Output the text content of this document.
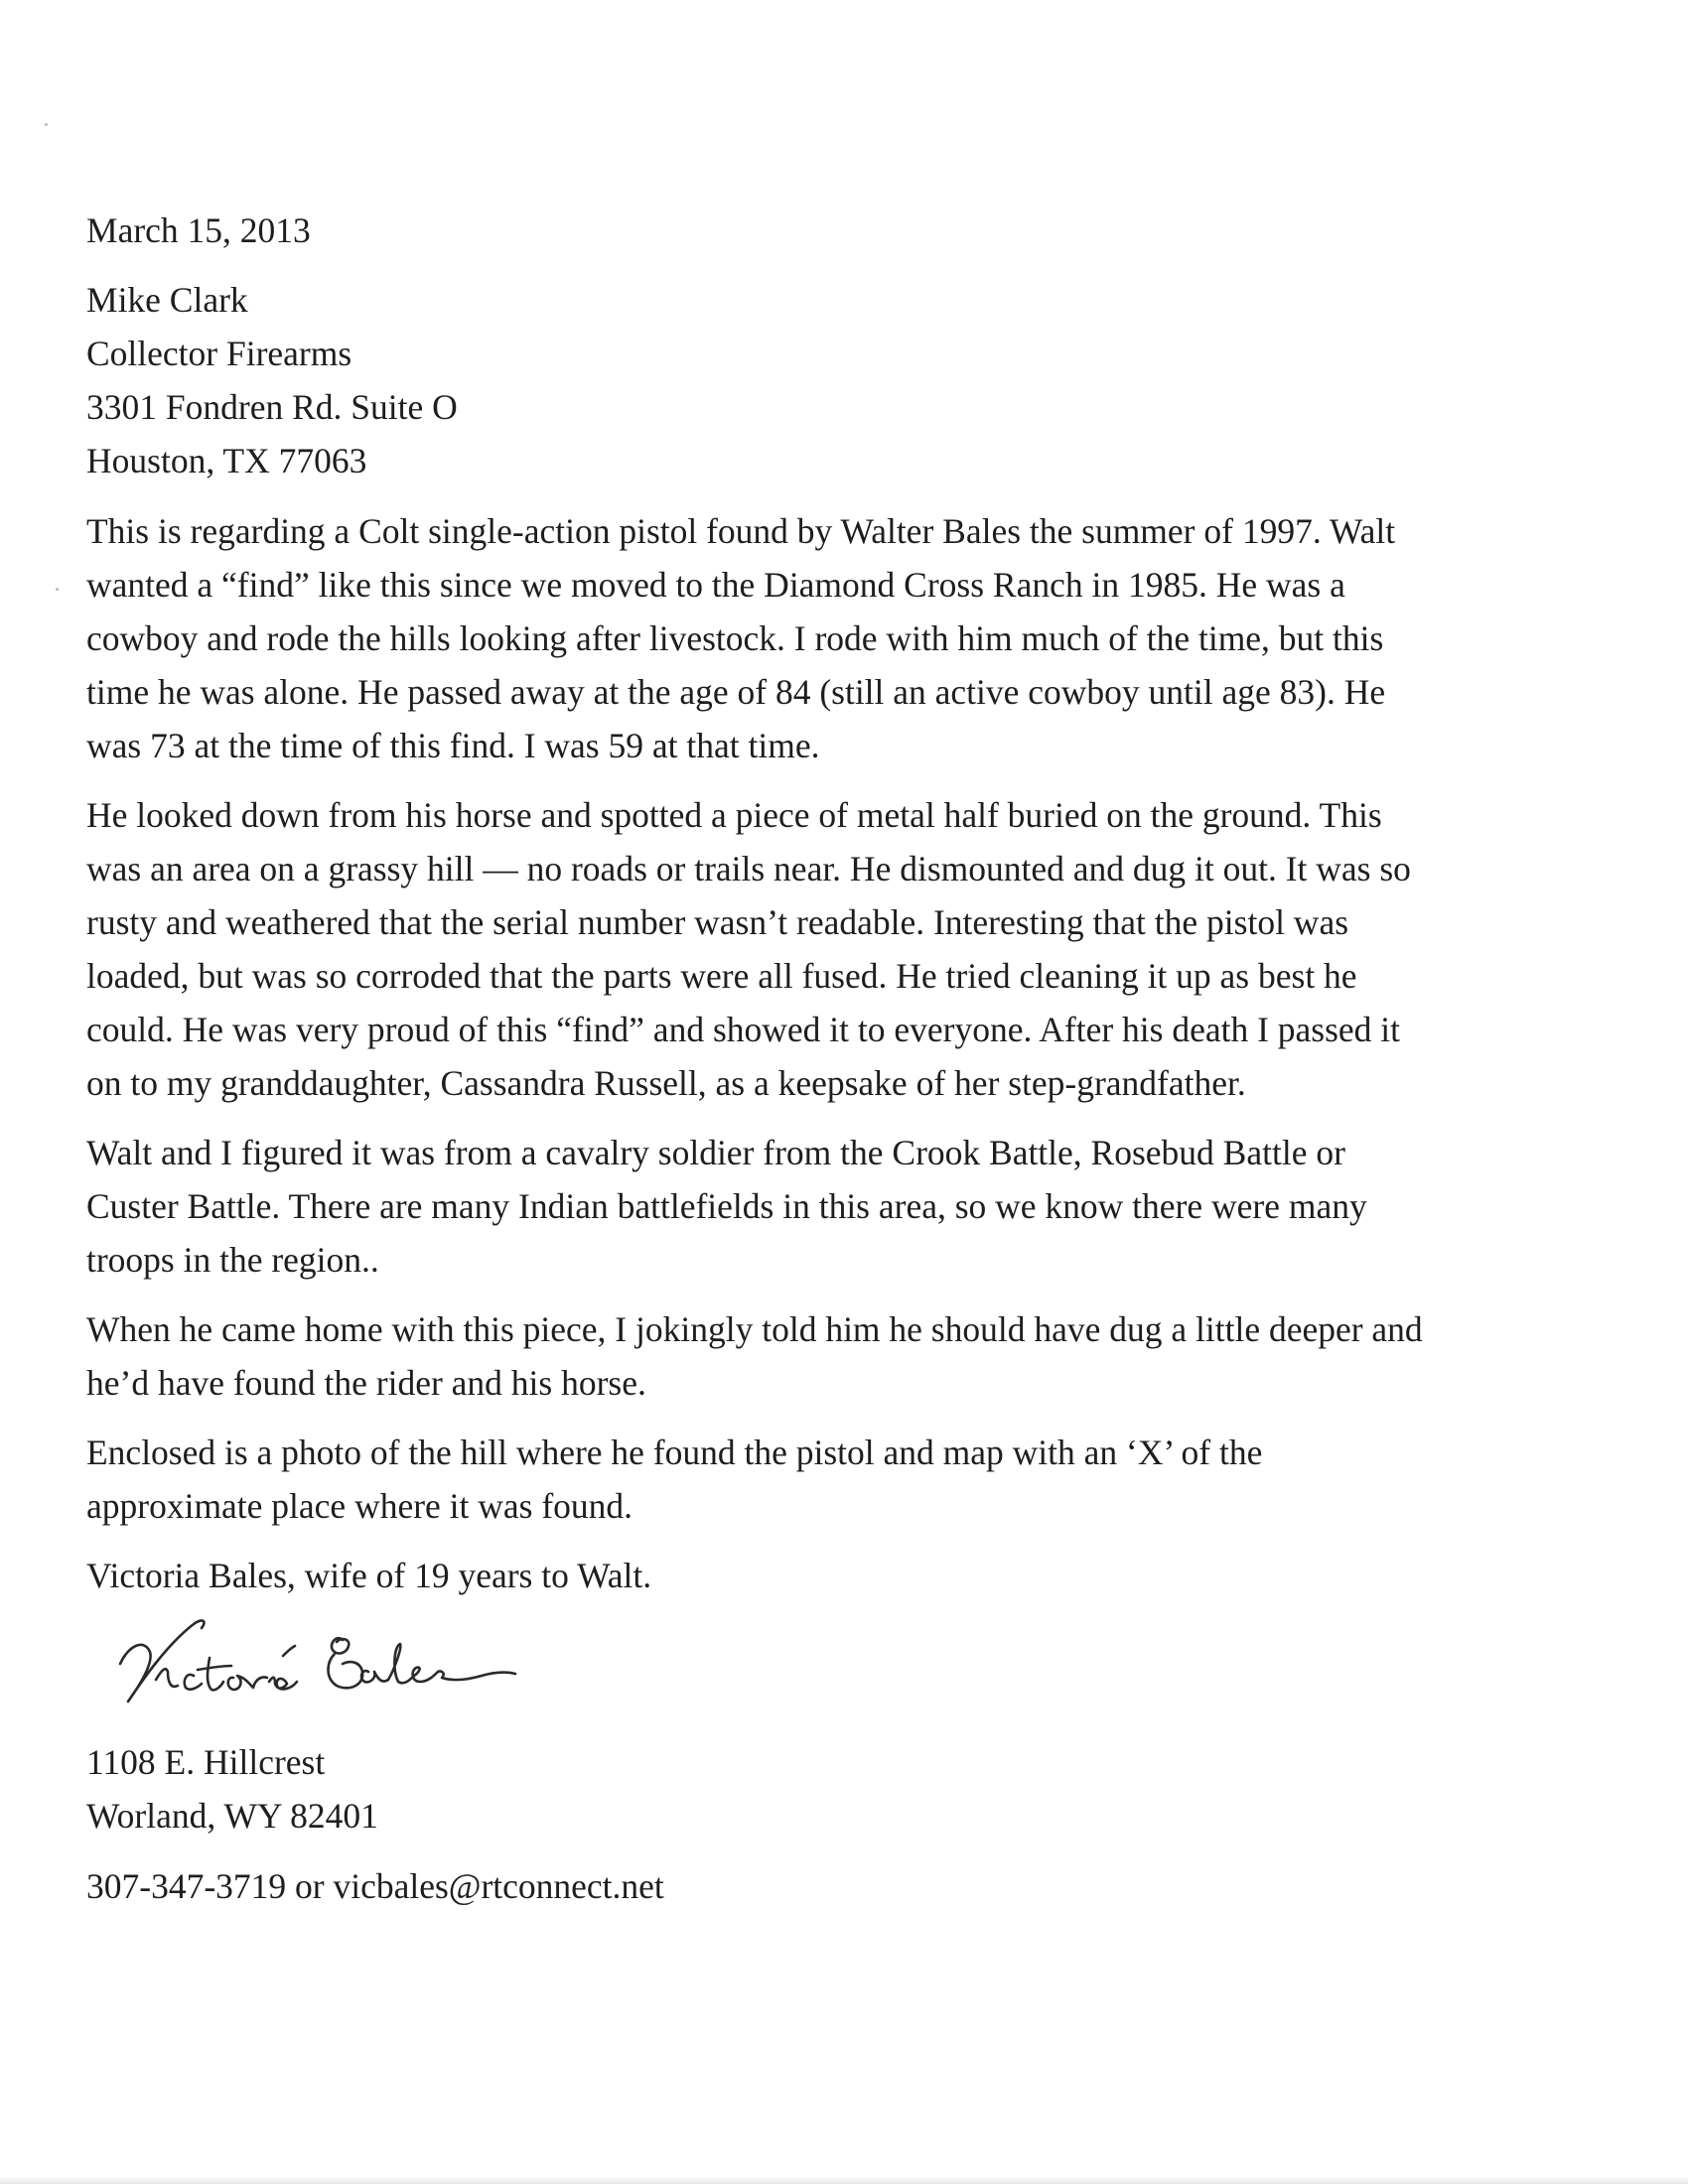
March 15, 2013

Mike Clark

Collector Firearms

3301 Fondren Rd. Suite O

Houston, TX 77063

This is regarding a Colt single-action pistol found by Walter Bales the summer of 1997. Walt

wanted a “find” like this since we moved to the Diamond Cross Ranch in 1985. He was a

cowboy and rode the hills looking after livestock. I rode with him much of the time, but this

time he was alone. He passed away at the age of 84 (still an active cowboy until age 83). He

was 73 at the time of this find. I was 59 at that time.

He looked down from his horse and spotted a piece of metal half buried on the ground. This

was an area on a grassy hill — no roads or trails near. He dismounted and dug it out. It was so

rusty and weathered that the serial number wasn’t readable. Interesting that the pistol was

loaded, but was so corroded that the parts were all fused. He tried cleaning it up as best he

could. He was very proud of this “find” and showed it to everyone. After his death I passed it

on to my granddaughter, Cassandra Russell, as a keepsake of her step-grandfather.

Walt and I figured it was from a cavalry soldier from the Crook Battle, Rosebud Battle or

Custer Battle. There are many Indian battlefields in this area, so we know there were many

troops in the region..

When he came home with this piece, I jokingly told him he should have dug a little deeper and

he’d have found the rider and his horse.

Enclosed is a photo of the hill where he found the pistol and map with an ‘X’ of the

approximate place where it was found.

Victoria Bales, wife of 19 years to Walt.

1108 E. Hillcrest

Worland, WY 82401

307-347-3719 or vicbales@rtconnect.net
